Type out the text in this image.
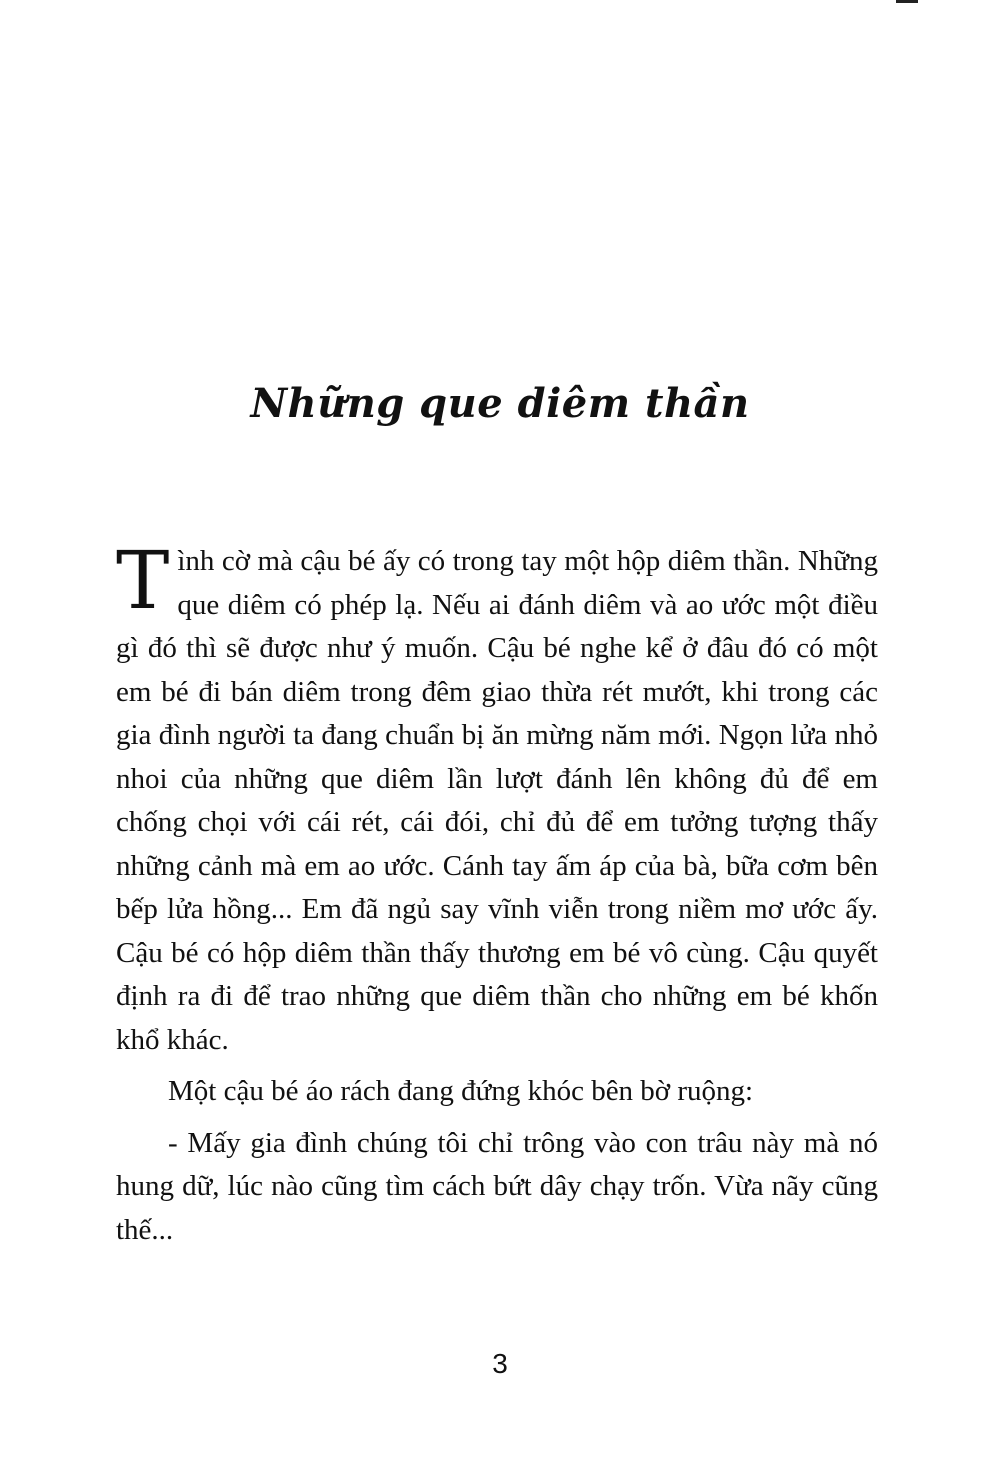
Những que diêm thần

Tình cờ mà cậu bé ấy có trong tay một hộp diêm thần. Những que diêm có phép lạ. Nếu ai đánh diêm và ao ước một điều gì đó thì sẽ được như ý muốn. Cậu bé nghe kể ở đâu đó có một em bé đi bán diêm trong đêm giao thừa rét mướt, khi trong các gia đình người ta đang chuẩn bị ăn mừng năm mới. Ngọn lửa nhỏ nhoi của những que diêm lần lượt đánh lên không đủ để em chống chọi với cái rét, cái đói, chỉ đủ để em tưởng tượng thấy những cảnh mà em ao ước. Cánh tay ấm áp của bà, bữa cơm bên bếp lửa hồng... Em đã ngủ say vĩnh viễn trong niềm mơ ước ấy. Cậu bé có hộp diêm thần thấy thương em bé vô cùng. Cậu quyết định ra đi để trao những que diêm thần cho những em bé khốn khổ khác.

Một cậu bé áo rách đang đứng khóc bên bờ ruộng:

- Mấy gia đình chúng tôi chỉ trông vào con trâu này mà nó hung dữ, lúc nào cũng tìm cách bứt dây chạy trốn. Vừa nãy cũng thế...

3
